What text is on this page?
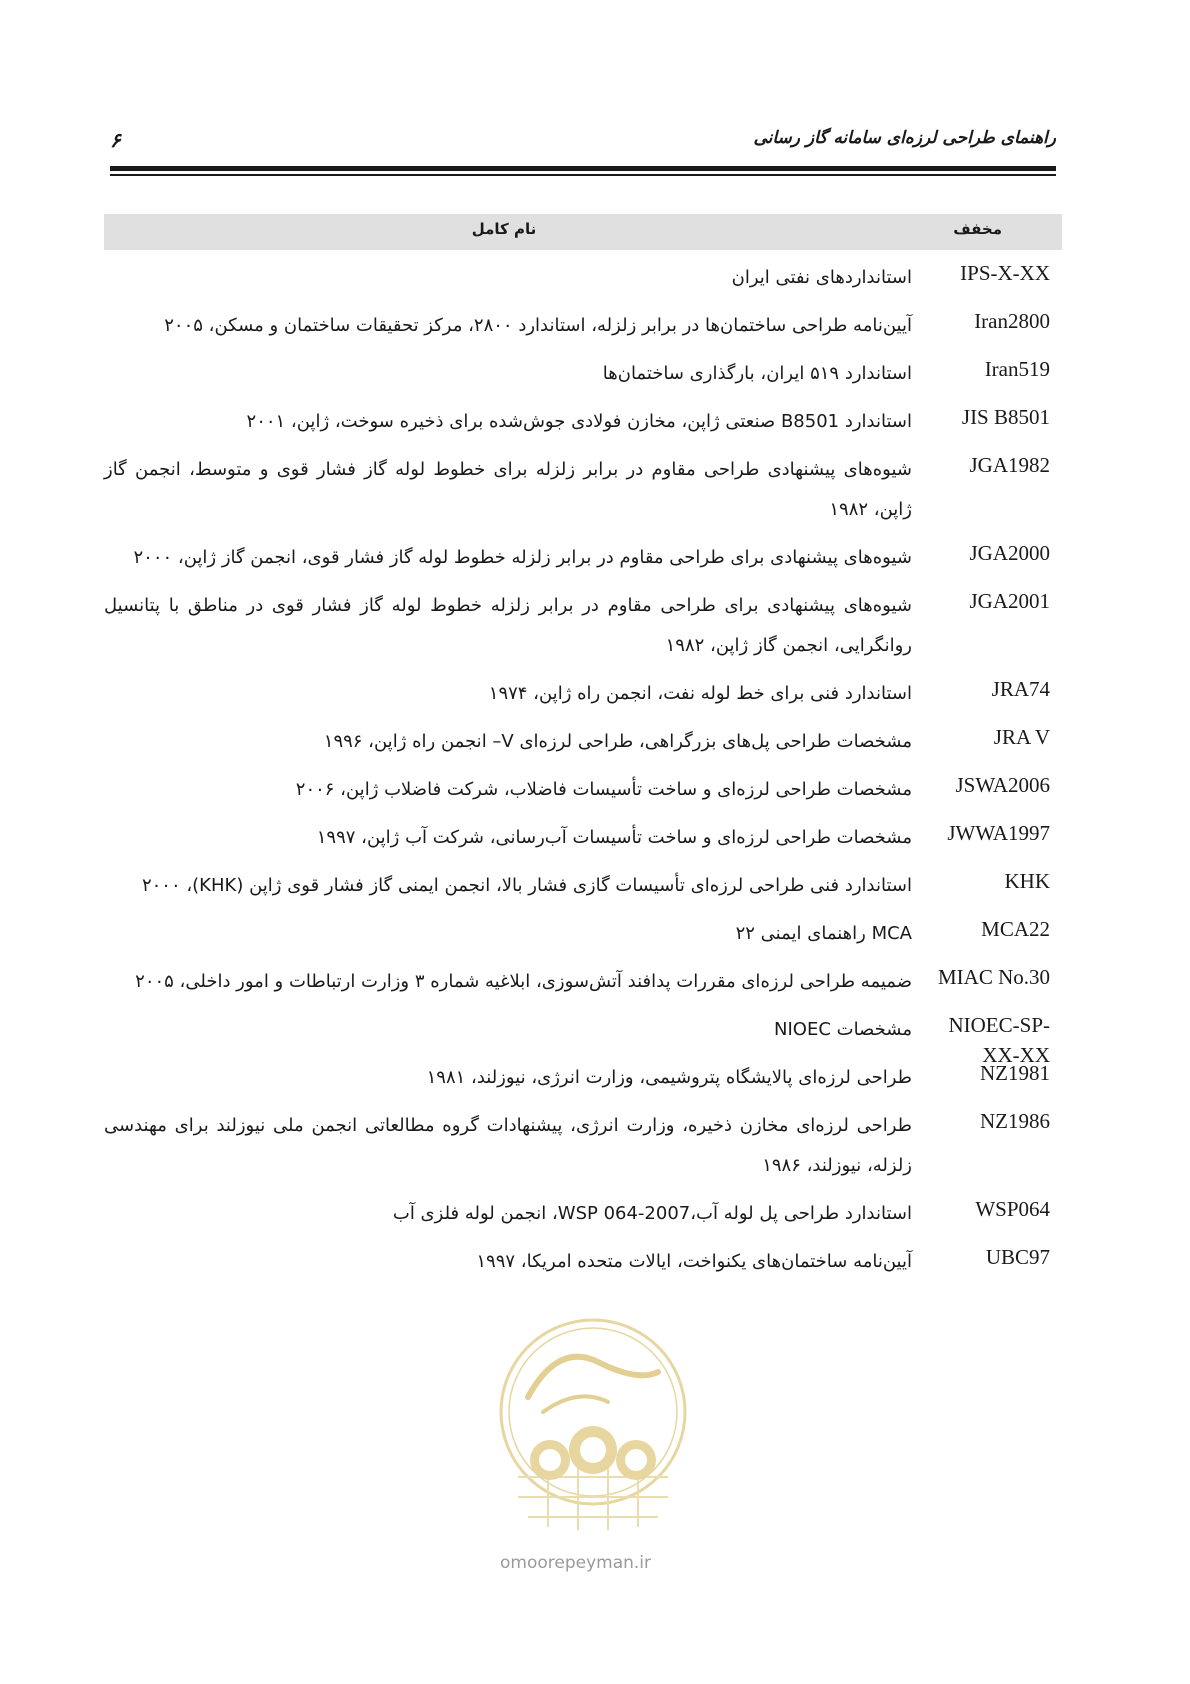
۶	راهنمای طراحی لرزه‌ای سامانه گاز رسانی
نام کامل	مخفف
IPS-X-XX
استانداردهای نفتی ایران
Iran2800
آیین‌نامه طراحی ساختمان‌ها در برابر زلزله، استاندارد ۲۸۰۰، مرکز تحقیقات ساختمان و مسکن، ۲۰۰۵
Iran519
استاندارد ۵۱۹ ایران، بارگذاری ساختمان‌ها
JIS B8501
استاندارد B8501 صنعتی ژاپن، مخازن فولادی جوش‌شده برای ذخیره سوخت، ژاپن، ۲۰۰۱
JGA1982
شیوه‌های پیشنهادی طراحی مقاوم در برابر زلزله برای خطوط لوله گاز فشار قوی و متوسط، انجمن گاز ژاپن، ۱۹۸۲
JGA2000
شیوه‌های پیشنهادی برای طراحی مقاوم در برابر زلزله خطوط لوله گاز فشار قوی، انجمن گاز ژاپن، ۲۰۰۰
JGA2001
شیوه‌های پیشنهادی برای طراحی مقاوم در برابر زلزله خطوط لوله گاز فشار قوی در مناطق با پتانسیل روانگرایی، انجمن گاز ژاپن، ۱۹۸۲
JRA74
استاندارد فنی برای خط لوله نفت، انجمن راه ژاپن، ۱۹۷۴
JRA V
مشخصات طراحی پل‌های بزرگراهی، طراحی لرزه‌ای V– انجمن راه ژاپن، ۱۹۹۶
JSWA2006
مشخصات طراحی لرزه‌ای و ساخت تأسیسات فاضلاب، شرکت فاضلاب ژاپن، ۲۰۰۶
JWWA1997
مشخصات طراحی لرزه‌ای و ساخت تأسیسات آب‌رسانی، شرکت آب ژاپن، ۱۹۹۷
KHK
استاندارد فنی طراحی لرزه‌ای تأسیسات گازی فشار بالا، انجمن ایمنی گاز فشار قوی ژاپن (KHK)، ۲۰۰۰
MCA22
MCA راهنمای ایمنی ۲۲
MIAC No.30
ضمیمه طراحی لرزه‌ای مقررات پدافند آتش‌سوزی، ابلاغیه شماره ۳ وزارت ارتباطات و امور داخلی، ۲۰۰۵
NIOEC-SP-XX-XX
مشخصات NIOEC
NZ1981
طراحی لرزه‌ای پالایشگاه پتروشیمی، وزارت انرژی، نیوزلند، ۱۹۸۱
NZ1986
طراحی لرزه‌ای مخازن ذخیره، وزارت انرژی، پیشنهادات گروه مطالعاتی انجمن ملی نیوزلند برای مهندسی زلزله، نیوزلند، ۱۹۸۶
WSP064
استاندارد طراحی پل لوله آب،WSP 064-2007، انجمن لوله فلزی آب
UBC97
آیین‌نامه ساختمان‌های یکنواخت، ایالات متحده امریکا، ۱۹۹۷
omoorepeyman.ir
